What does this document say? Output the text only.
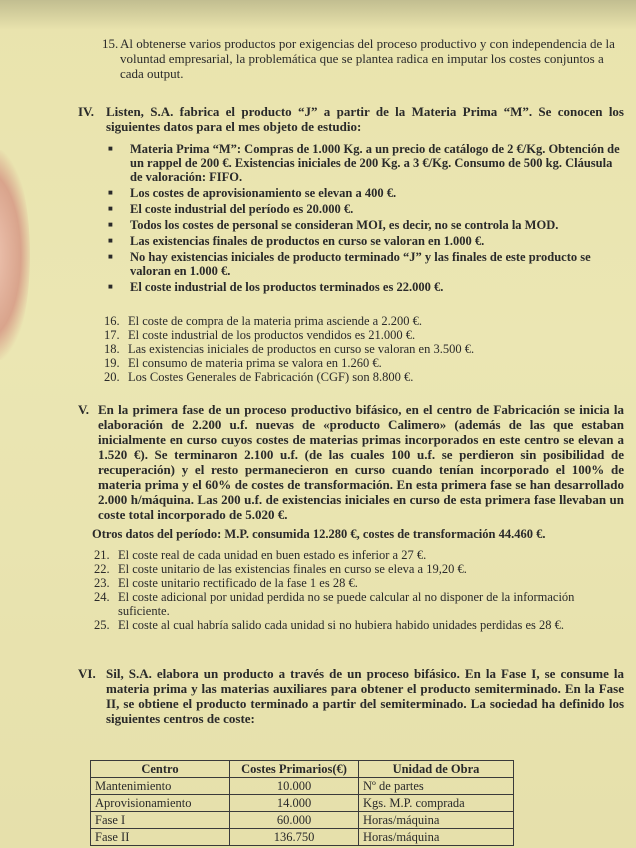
15. Al obtenerse varios productos por exigencias del proceso productivo y con independencia de la voluntad empresarial, la problemática que se plantea radica en imputar los costes conjuntos a cada output.
IV. Listen, S.A. fabrica el producto “J” a partir de la Materia Prima “M”. Se conocen los siguientes datos para el mes objeto de estudio:
■ Materia Prima “M”: Compras de 1.000 Kg. a un precio de catálogo de 2 €/Kg. Obtención de un rappel de 200 €. Existencias iniciales de 200 Kg. a 3 €/Kg. Consumo de 500 kg. Cláusula de valoración: FIFO.
■ Los costes de aprovisionamiento se elevan a 400 €.
■ El coste industrial del período es 20.000 €.
■ Todos los costes de personal se consideran MOI, es decir, no se controla la MOD.
■ Las existencias finales de productos en curso se valoran en 1.000 €.
■ No hay existencias iniciales de producto terminado “J” y las finales de este producto se valoran en 1.000 €.
■ El coste industrial de los productos terminados es 22.000 €.
16. El coste de compra de la materia prima asciende a 2.200 €.
17. El coste industrial de los productos vendidos es 21.000 €.
18. Las existencias iniciales de productos en curso se valoran en 3.500 €.
19. El consumo de materia prima se valora en 1.260 €.
20. Los Costes Generales de Fabricación (CGF) son 8.800 €.
V. En la primera fase de un proceso productivo bifásico, en el centro de Fabricación se inicia la elaboración de 2.200 u.f. nuevas de «producto Calimero» (además de las que estaban inicialmente en curso cuyos costes de materias primas incorporados en este centro se elevan a 1.520 €). Se terminaron 2.100 u.f. (de las cuales 100 u.f. se perdieron sin posibilidad de recuperación) y el resto permanecieron en curso cuando tenían incorporado el 100% de materia prima y el 60% de costes de transformación. En esta primera fase se han desarrollado 2.000 h/máquina. Las 200 u.f. de existencias iniciales en curso de esta primera fase llevaban un coste total incorporado de 5.020 €.
Otros datos del período: M.P. consumida 12.280 €, costes de transformación 44.460 €.
21. El coste real de cada unidad en buen estado es inferior a 27 €.
22. El coste unitario de las existencias finales en curso se eleva a 19,20 €.
23. El coste unitario rectificado de la fase 1 es 28 €.
24. El coste adicional por unidad perdida no se puede calcular al no disponer de la información suficiente.
25. El coste al cual habría salido cada unidad si no hubiera habido unidades perdidas es 28 €.
VI. Sil, S.A. elabora un producto a través de un proceso bifásico. En la Fase I, se consume la materia prima y las materias auxiliares para obtener el producto semiterminado. En la Fase II, se obtiene el producto terminado a partir del semiterminado. La sociedad ha definido los siguientes centros de coste:
Centro	Costes Primarios(€)	Unidad de Obra
Mantenimiento	10.000	Nº de partes
Aprovisionamiento	14.000	Kgs. M.P. comprada
Fase I	60.000	Horas/máquina
Fase II	136.750	Horas/máquina
